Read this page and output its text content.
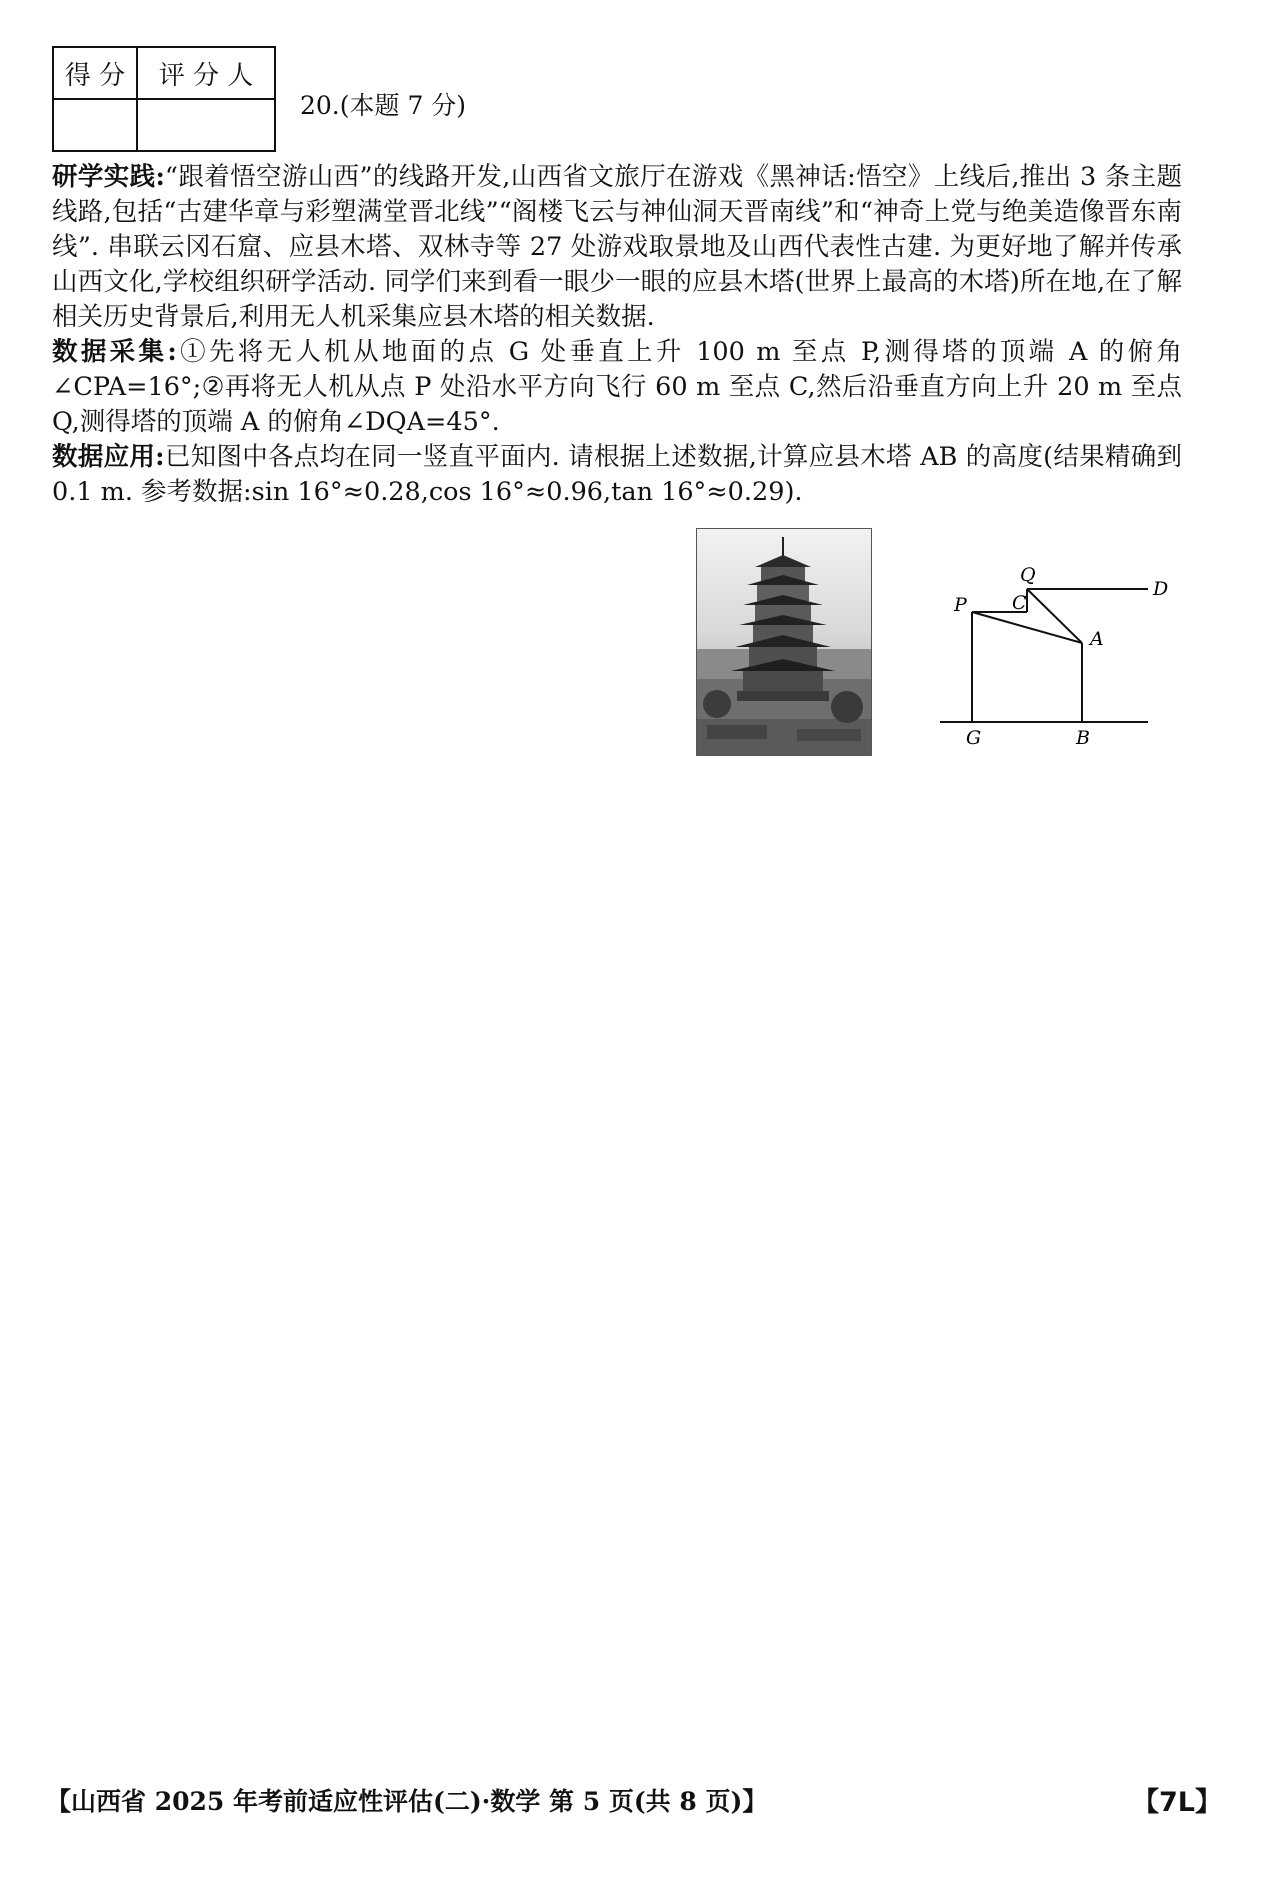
得 分	评 分 人

20.(本题 7 分)

研学实践:“跟着悟空游山西”的线路开发,山西省文旅厅在游戏《黑神话:悟空》上线后,推出 3 条主题线路,包括“古建华章与彩塑满堂晋北线”“阁楼飞云与神仙洞天晋南线”和“神奇上党与绝美造像晋东南线”. 串联云冈石窟、应县木塔、双林寺等 27 处游戏取景地及山西代表性古建. 为更好地了解并传承山西文化,学校组织研学活动. 同学们来到看一眼少一眼的应县木塔(世界上最高的木塔)所在地,在了解相关历史背景后,利用无人机采集应县木塔的相关数据.

数据采集:①先将无人机从地面的点 G 处垂直上升 100 m 至点 P,测得塔的顶端 A 的俯角∠CPA=16°;②再将无人机从点 P 处沿水平方向飞行 60 m 至点 C,然后沿垂直方向上升 20 m 至点 Q,测得塔的顶端 A 的俯角∠DQA=45°.

数据应用:已知图中各点均在同一竖直平面内. 请根据上述数据,计算应县木塔 AB 的高度(结果精确到 0.1 m. 参考数据:sin 16°≈0.28,cos 16°≈0.96,tan 16°≈0.29).

P C
Q
D
A
G	B
【山西省 2025 年考前适应性评估(二)·数学 第 5 页(共 8 页)】	【7L】
